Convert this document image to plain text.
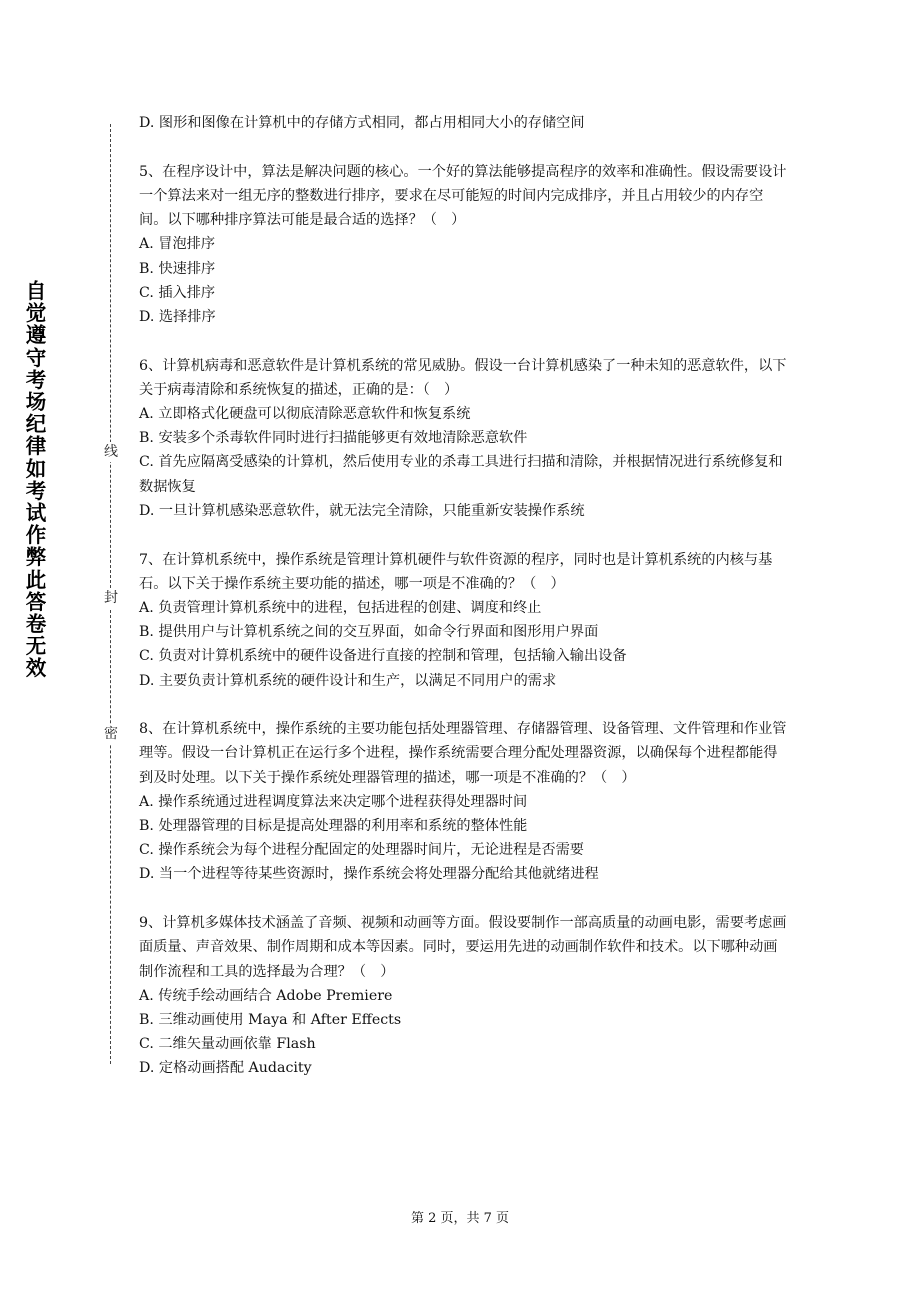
自觉遵守考场纪律如考试作弊此答卷无效
线
封
密

D. 图形和图像在计算机中的存储方式相同，都占用相同大小的存储空间

5、在程序设计中，算法是解决问题的核心。一个好的算法能够提高程序的效率和准确性。假设需要设计一个算法来对一组无序的整数进行排序，要求在尽可能短的时间内完成排序，并且占用较少的内存空间。以下哪种排序算法可能是最合适的选择？（　）

A. 冒泡排序

B. 快速排序

C. 插入排序

D. 选择排序

6、计算机病毒和恶意软件是计算机系统的常见威胁。假设一台计算机感染了一种未知的恶意软件，以下关于病毒清除和系统恢复的描述，正确的是：（　）

A. 立即格式化硬盘可以彻底清除恶意软件和恢复系统

B. 安装多个杀毒软件同时进行扫描能够更有效地清除恶意软件

C. 首先应隔离受感染的计算机，然后使用专业的杀毒工具进行扫描和清除，并根据情况进行系统修复和数据恢复

D. 一旦计算机感染恶意软件，就无法完全清除，只能重新安装操作系统

7、在计算机系统中，操作系统是管理计算机硬件与软件资源的程序，同时也是计算机系统的内核与基石。以下关于操作系统主要功能的描述，哪一项是不准确的？（　）

A. 负责管理计算机系统中的进程，包括进程的创建、调度和终止

B. 提供用户与计算机系统之间的交互界面，如命令行界面和图形用户界面

C. 负责对计算机系统中的硬件设备进行直接的控制和管理，包括输入输出设备

D. 主要负责计算机系统的硬件设计和生产，以满足不同用户的需求

8、在计算机系统中，操作系统的主要功能包括处理器管理、存储器管理、设备管理、文件管理和作业管理等。假设一台计算机正在运行多个进程，操作系统需要合理分配处理器资源，以确保每个进程都能得到及时处理。以下关于操作系统处理器管理的描述，哪一项是不准确的？（　）

A. 操作系统通过进程调度算法来决定哪个进程获得处理器时间

B. 处理器管理的目标是提高处理器的利用率和系统的整体性能

C. 操作系统会为每个进程分配固定的处理器时间片，无论进程是否需要

D. 当一个进程等待某些资源时，操作系统会将处理器分配给其他就绪进程

9、计算机多媒体技术涵盖了音频、视频和动画等方面。假设要制作一部高质量的动画电影，需要考虑画面质量、声音效果、制作周期和成本等因素。同时，要运用先进的动画制作软件和技术。以下哪种动画制作流程和工具的选择最为合理？（　）

A. 传统手绘动画结合 Adobe Premiere

B. 三维动画使用 Maya 和 After Effects

C. 二维矢量动画依靠 Flash

D. 定格动画搭配 Audacity

第 2 页，共 7 页
